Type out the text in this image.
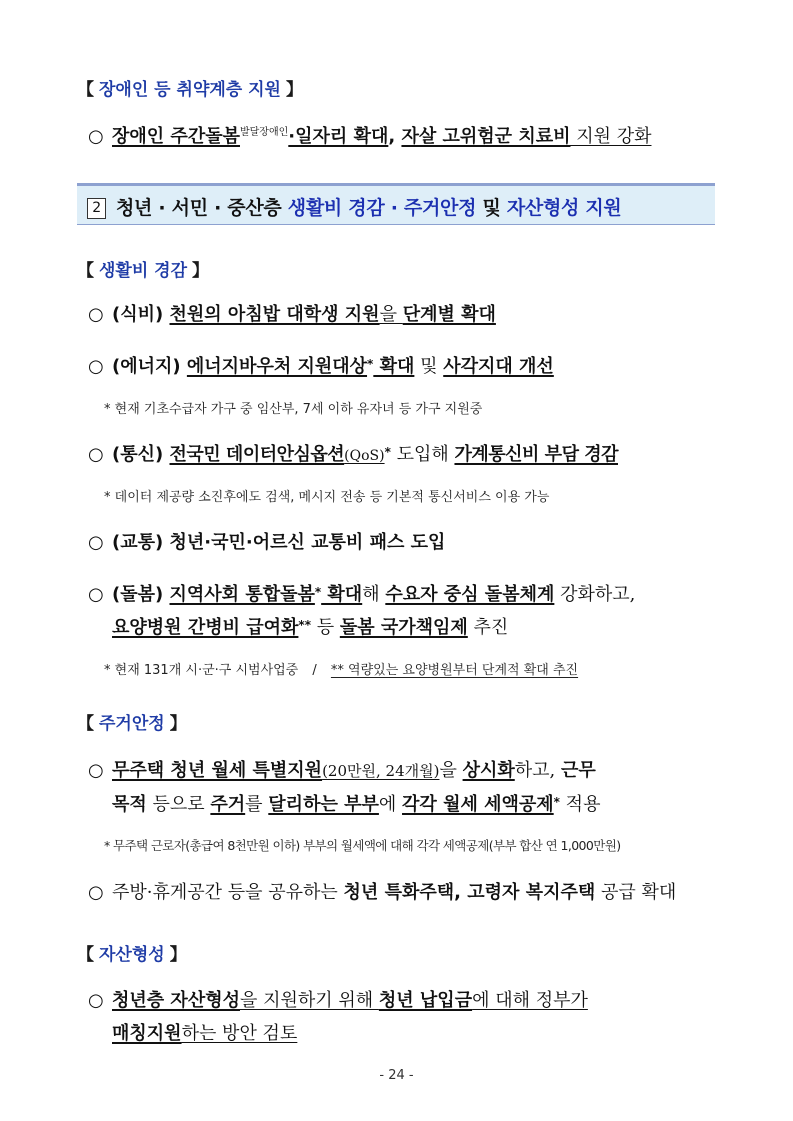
【 장애인 등 취약계층 지원 】
○ 장애인 주간돌봄$^{발달장애인}$·일자리 확대, 자살 고위험군 치료비 지원 강화
2 청년 · 서민 · 중산층 생활비 경감 · 주거안정 및 자산형성 지원
【 생활비 경감 】
○ (식비) 천원의 아침밥 대학생 지원을 단계별 확대
○ (에너지) 에너지바우처 지원대상* 확대 및 사각지대 개선
* 현재 기초수급자 가구 중 임산부, 7세 이하 유자녀 등 가구 지원중
○ (통신) 전국민 데이터안심옵션(QoS)* 도입해 가계통신비 부담 경감
* 데이터 제공량 소진후에도 검색, 메시지 전송 등 기본적 통신서비스 이용 가능
○ (교통) 청년·국민·어르신 교통비 패스 도입
○ (돌봄) 지역사회 통합돌봄* 확대해 수요자 중심 돌봄체계 강화하고,
요양병원 간병비 급여화** 등 돌봄 국가책임제 추진
* 현재 131개 시·군·구 시범사업중 / ** 역량있는 요양병원부터 단계적 확대 추진
【 주거안정 】
○ 무주택 청년 월세 특별지원(20만원, 24개월)을 상시화하고, 근무
목적 등으로 주거를 달리하는 부부에 각각 월세 세액공제* 적용
* 무주택 근로자(총급여 8천만원 이하) 부부의 월세액에 대해 각각 세액공제(부부 합산 연 1,000만원)
○ 주방·휴게공간 등을 공유하는 청년 특화주택, 고령자 복지주택 공급 확대
【 자산형성 】
○ 청년층 자산형성을 지원하기 위해 청년 납입금에 대해 정부가
매칭지원하는 방안 검토
- 24 -
